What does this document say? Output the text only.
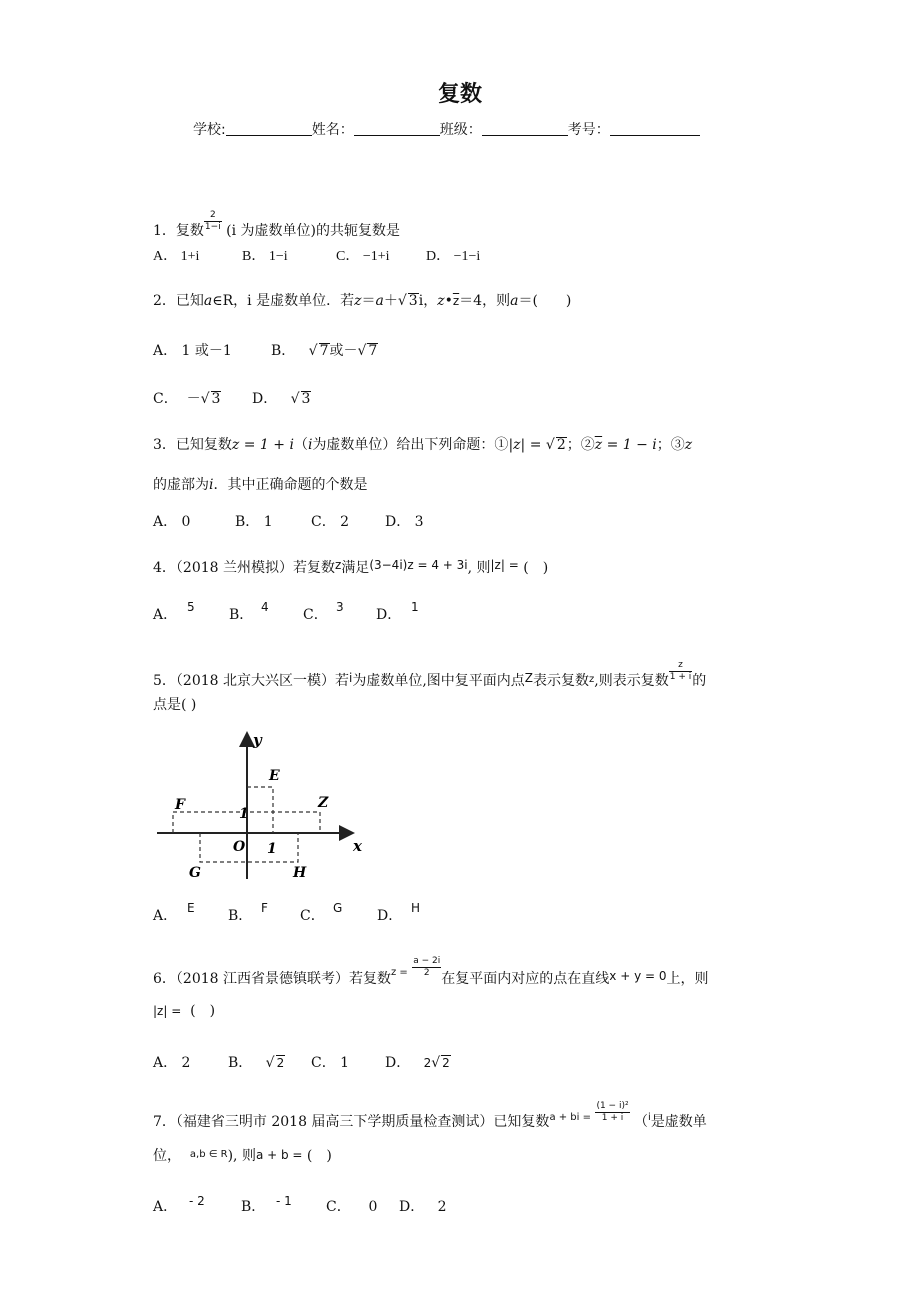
复数
学校:	姓名：	班级：	考号：
1．复数 $\frac{2}{1-i} (i$ 为虚数单位)的共轭复数是
A． 1+i	B． 1−i	C． −1+i	D． −1−i
2．已知a∈R，i 是虚数单位．若z＝a＋√ 3i，$z•\overline{z}=4$，则a＝(　　)
A． 1 或－1	B．   √ 7或－√ 7
C． －√ 3 D．   √ 3
3．已知复数z = 1 + i（i为虚数单位）给出下列命题：①|z| = √ 2；$②\overline{z} = 1 - i$；③z
的虚部为i．其中正确命题的个数是
A． 0	B． 1	C． 2	D． 3
4．（2018 兰州模拟）若复数z满足(3−4i)z = 4 + 3i, 则|z| = (　)
A． 5 B． 4 C． 3 D． 1
5．（2018 北京大兴区一模）若i为虚数单位,图中复平面内点Z表示复数$^z$,则表示复数 $\frac{z}{1 + i}$ 的
点是( )
x
y
O 1
1
E
F	Z
G	H
A． E B． F C． G D． H
6．（2018 江西省景德镇联考）若复数$^{z =} \frac{a - 2i}{2}$ 在复平面内对应的点在直线x + y = 0上，则
|z| = (　)
A． 2	B．   √ 2 C． 1	D． 2√ 2
7．（福建省三明市 2018 届高三下学期质量检查测试）已知复数$^{a + bi =} \frac{\text{(1 − i)²}}{1 + i} (^i$是虚数单
位， $^{a,b \in R}$), 则a + b = (　)
A． - 2	B． - 1 C． 0 D． 2
